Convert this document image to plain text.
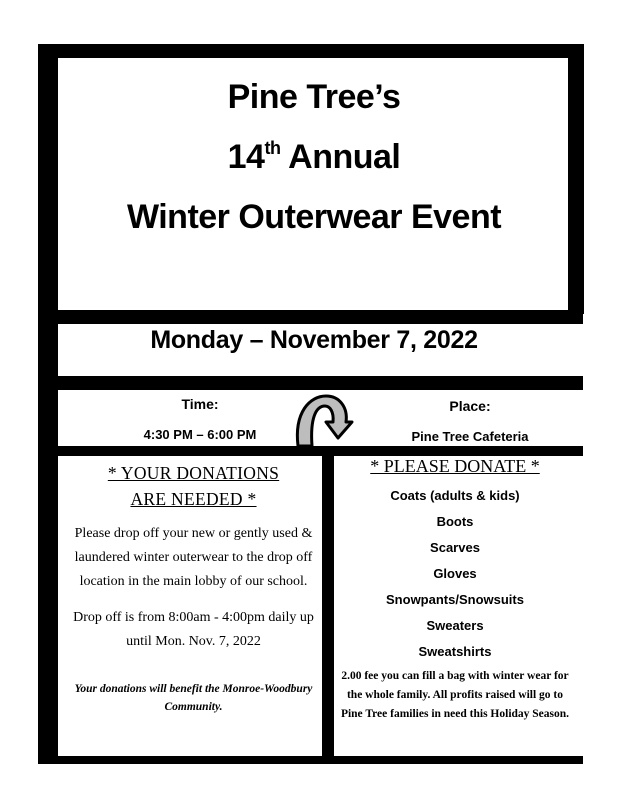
Pine Tree’s
14th Annual
Winter Outerwear Event
Monday – November 7, 2022
Time:
4:30 PM – 6:00 PM
Place:
Pine Tree Cafeteria
* YOUR DONATIONS
ARE NEEDED *
Please drop off your new or gently used & laundered winter outerwear to the drop off location in the main lobby of our school.
Drop off is from 8:00am - 4:00pm daily up until Mon. Nov. 7, 2022
Your donations will benefit the Monroe-Woodbury Community.
* PLEASE DONATE *
Coats (adults & kids)
Boots
Scarves
Gloves
Snowpants/Snowsuits
Sweaters
Sweatshirts
2.00 fee you can fill a bag with winter wear for the whole family. All profits raised will go to Pine Tree families in need this Holiday Season.
